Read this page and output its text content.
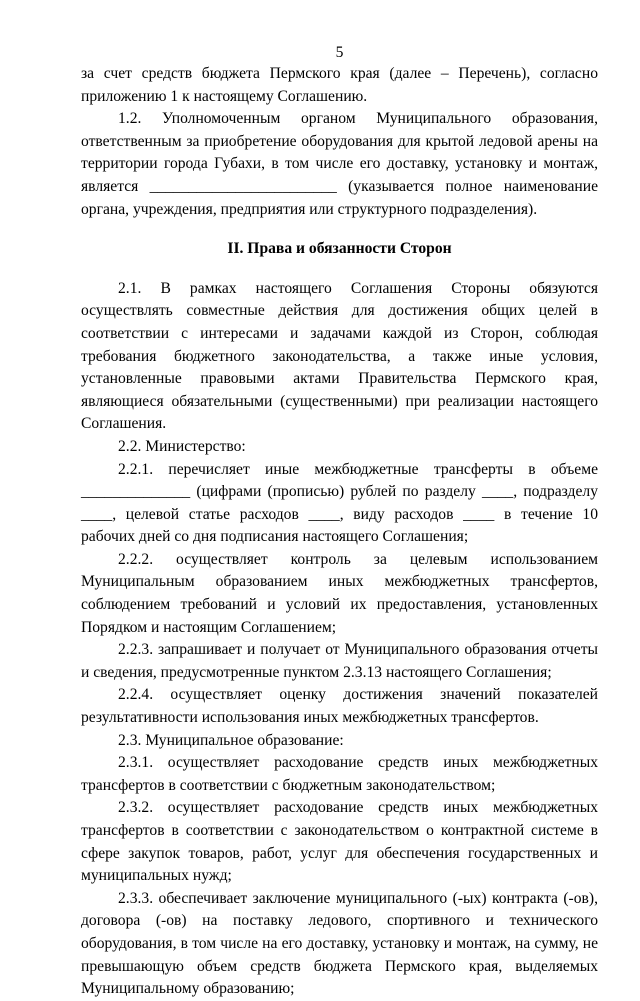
5

за счет средств бюджета Пермского края (далее – Перечень), согласно приложению 1 к настоящему Соглашению.

1.2. Уполномоченным органом Муниципального образования, ответственным за приобретение оборудования для крытой ледовой арены на территории города Губахи, в том числе его доставку, установку и монтаж, является ________________________ (указывается полное наименование органа, учреждения, предприятия или структурного подразделения).

II. Права и обязанности Сторон

2.1. В рамках настоящего Соглашения Стороны обязуются осуществлять совместные действия для достижения общих целей в соответствии с интересами и задачами каждой из Сторон, соблюдая требования бюджетного законодательства, а также иные условия, установленные правовыми актами Правительства Пермского края, являющиеся обязательными (существенными) при реализации настоящего Соглашения.

2.2. Министерство:

2.2.1. перечисляет иные межбюджетные трансферты в объеме ______________ (цифрами (прописью) рублей по разделу ____, подразделу ____, целевой статье расходов ____, виду расходов ____ в течение 10 рабочих дней со дня подписания настоящего Соглашения;

2.2.2. осуществляет контроль за целевым использованием Муниципальным образованием иных межбюджетных трансфертов, соблюдением требований и условий их предоставления, установленных Порядком и настоящим Соглашением;

2.2.3. запрашивает и получает от Муниципального образования отчеты и сведения, предусмотренные пунктом 2.3.13 настоящего Соглашения;

2.2.4. осуществляет оценку достижения значений показателей результативности использования иных межбюджетных трансфертов.

2.3. Муниципальное образование:

2.3.1. осуществляет расходование средств иных межбюджетных трансфертов в соответствии с бюджетным законодательством;

2.3.2. осуществляет расходование средств иных межбюджетных трансфертов в соответствии с законодательством о контрактной системе в сфере закупок товаров, работ, услуг для обеспечения государственных и муниципальных нужд;

2.3.3. обеспечивает заключение муниципального (-ых) контракта (-ов), договора (-ов) на поставку ледового, спортивного и технического оборудования, в том числе на его доставку, установку и монтаж, на сумму, не превышающую объем средств бюджета Пермского края, выделяемых Муниципальному образованию;
